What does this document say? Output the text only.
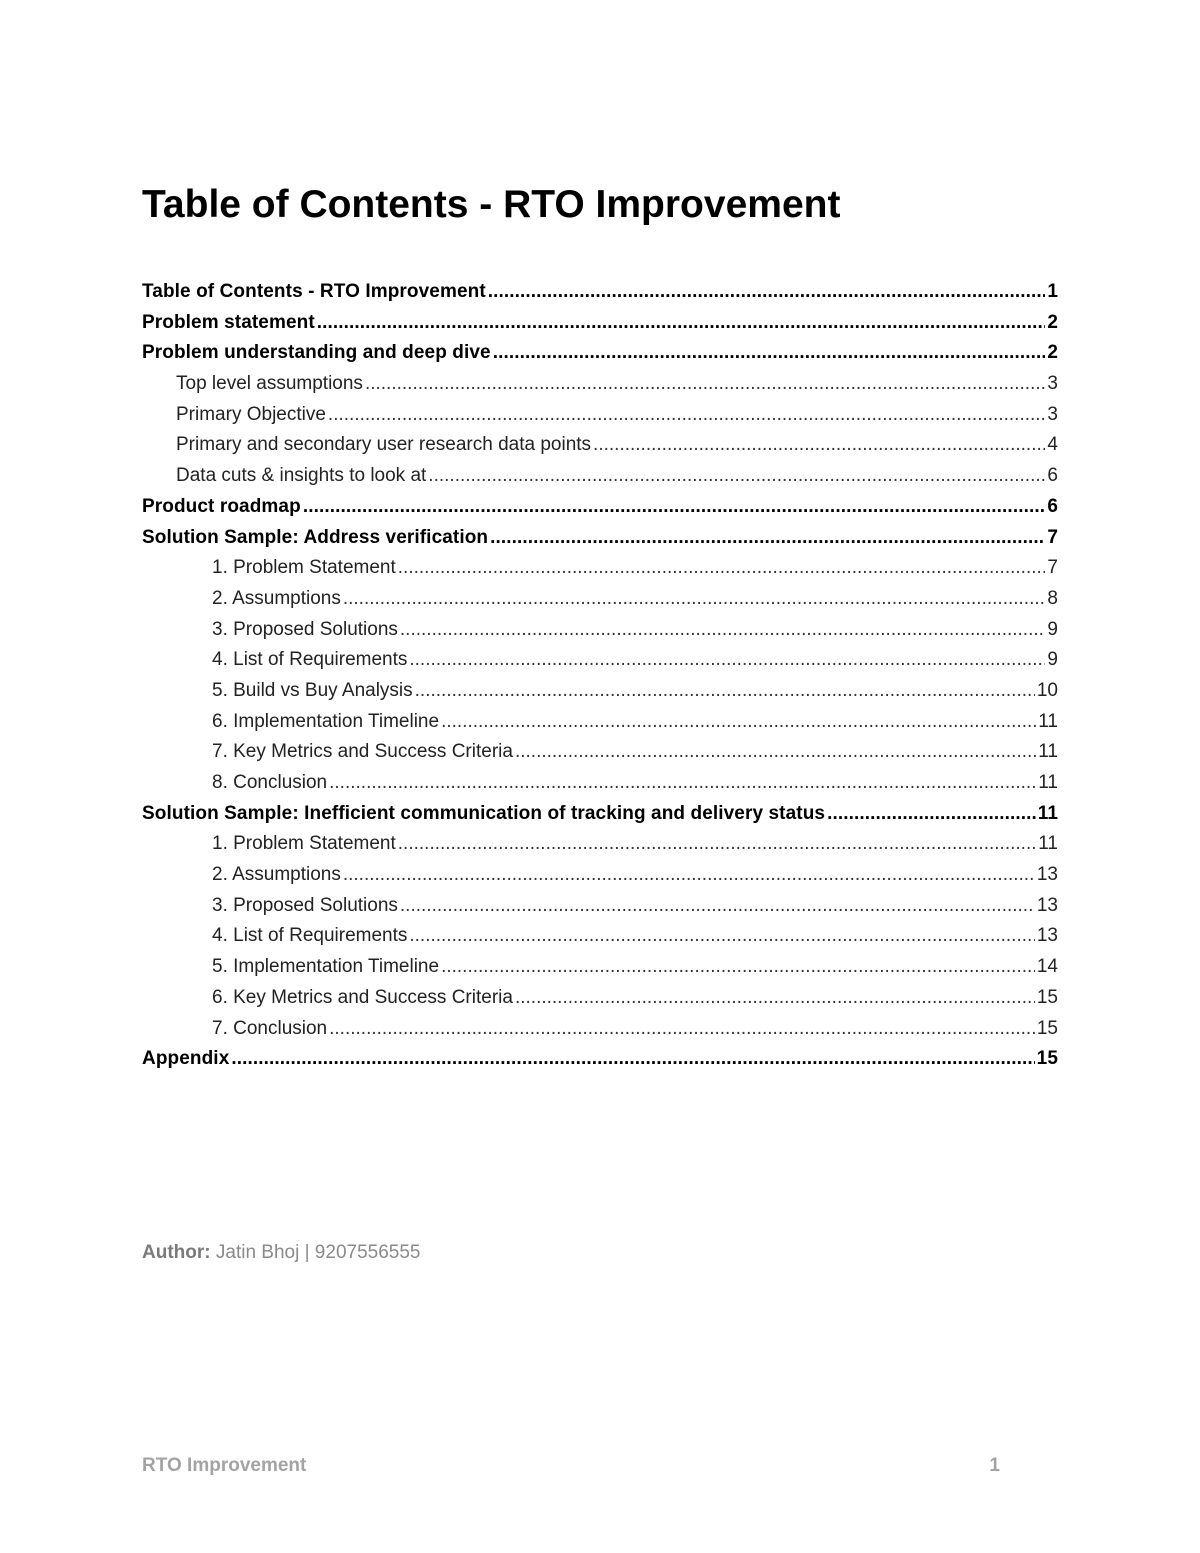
Table of Contents - RTO Improvement
Table of Contents - RTO Improvement .....	1
Problem statement .....	2
Problem understanding and deep dive .....	2
Top level assumptions .....	3
Primary Objective .....	3
Primary and secondary user research data points .....	4
Data cuts & insights to look at .....	6
Product roadmap .....	6
Solution Sample: Address verification .....	7
1. Problem Statement .....	7
2. Assumptions .....	8
3. Proposed Solutions .....	9
4. List of Requirements .....	9
5. Build vs Buy Analysis .....	10
6. Implementation Timeline .....	11
7. Key Metrics and Success Criteria .....	11
8. Conclusion .....	11
Solution Sample: Inefficient communication of tracking and delivery status .....	11
1. Problem Statement .....	11
2. Assumptions .....	13
3. Proposed Solutions .....	13
4. List of Requirements .....	13
5. Implementation Timeline .....	14
6. Key Metrics and Success Criteria .....	15
7. Conclusion .....	15
Appendix .....	15
Author: Jatin Bhoj | 9207556555
RTO Improvement	1
